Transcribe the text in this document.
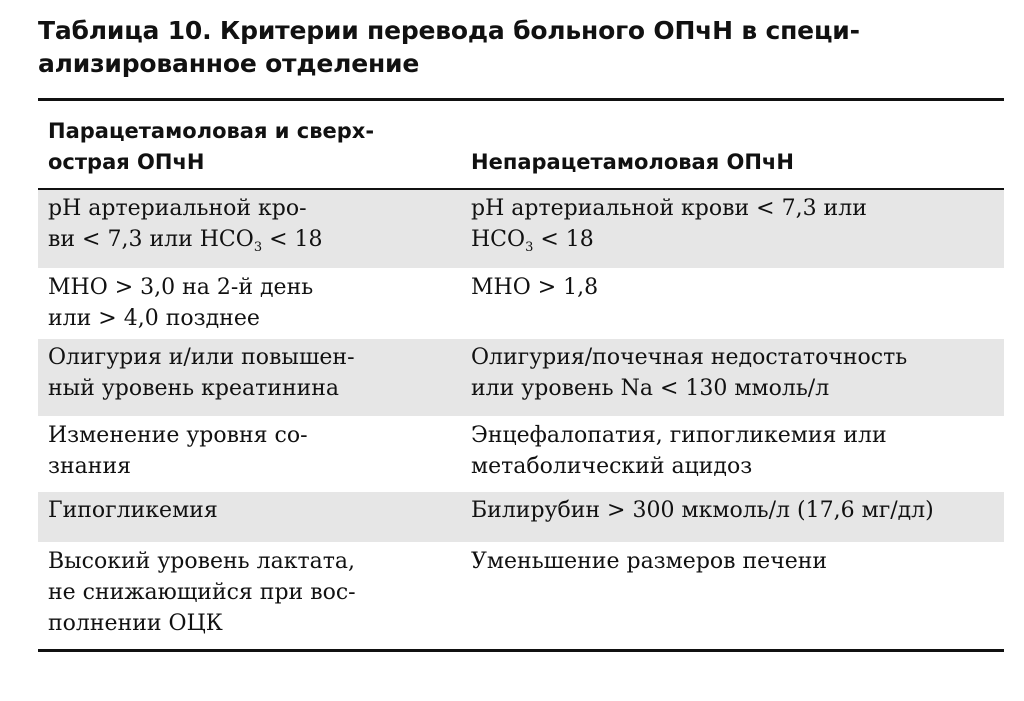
Таблица 10. Критерии перевода больного ОПчН в специ-
ализированное отделение
Парацетамоловая и сверх-
острая ОПчН	Непарацетамоловая ОПчН
pH артериальной кро-
ви < 7,3 или $HCO_3 < 18$
pH артериальной крови < 7,3 или
$HCO_3 < 18$
МНО > 3,0 на 2-й день
или > 4,0 позднее
МНО > 1,8
Олигурия и/или повышен-
ный уровень креатинина
Олигурия/почечная недостаточность
или уровень Na < 130 ммоль/л
Изменение уровня со-
знания
Энцефалопатия, гипогликемия или
метаболический ацидоз
Гипогликемия	Билирубин > 300 мкмоль/л (17,6 мг/дл)
Высокий уровень лактата,
не снижающийся при вос-
полнении ОЦК
Уменьшение размеров печени
